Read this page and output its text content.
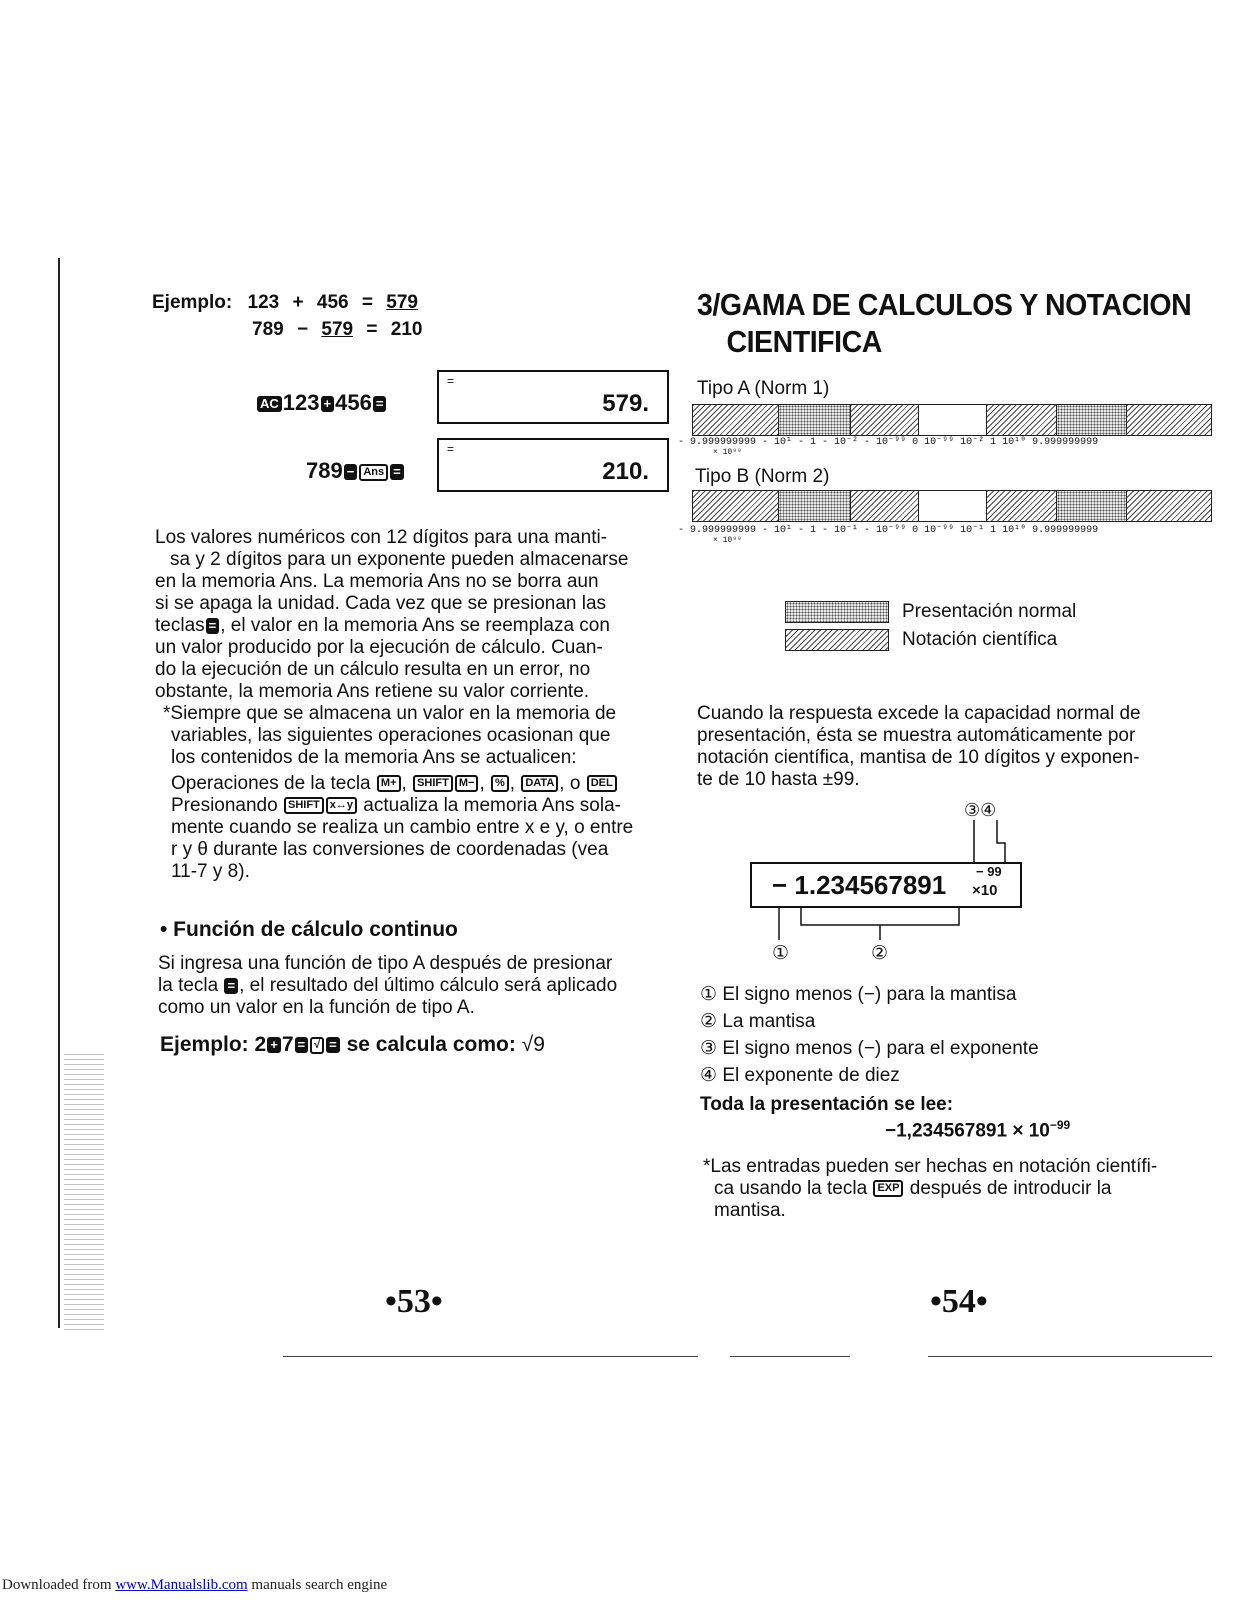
Ejemplo: 123 + 456 = 579
789 − 579 = 210
AC 123 + 456 =
=
579.
789 − Ans =
=
210.
Los valores numéricos con 12 dígitos para una manti-
sa y 2 dígitos para un exponente pueden almacenarse
en la memoria Ans. La memoria Ans no se borra aun
si se apaga la unidad. Cada vez que se presionan las
teclas = , el valor en la memoria Ans se reemplaza con
un valor producido por la ejecución de cálculo. Cuan-
do la ejecución de un cálculo resulta en un error, no
obstante, la memoria Ans retiene su valor corriente.
*Siempre que se almacena un valor en la memoria de
variables, las siguientes operaciones ocasionan que
los contenidos de la memoria Ans se actualicen:
Operaciones de la tecla M+ , SHIFT M− , % , DATA , o DEL
Presionando SHIFT x↔y actualiza la memoria Ans sola-
mente cuando se realiza un cambio entre x e y, o entre
r y θ durante las conversiones de coordenadas (vea
11-7 y 8).
• Función de cálculo continuo
Si ingresa una función de tipo A después de presionar
la tecla = , el resultado del último cálculo será aplicado
como un valor en la función de tipo A.
Ejemplo: 2 + 7 = √ = se calcula como: √9
•53•
3/GAMA DE CALCULOS Y NOTACION
CIENTIFICA
Tipo A (Norm 1)
- 9.999999999 - 10¹ - 1 - 10⁻² - 10⁻⁹⁹ 0 10⁻⁹⁹ 10⁻² 1 10¹⁰ 9.999999999
× 10⁹⁹
Tipo B (Norm 2)
- 9.999999999 - 10¹ - 1 - 10⁻¹ - 10⁻⁹⁹ 0 10⁻⁹⁹ 10⁻¹ 1 10¹⁰ 9.999999999
× 10⁹⁹
Presentación normal
Notación científica
Cuando la respuesta excede la capacidad normal de
presentación, ésta se muestra automáticamente por
notación científica, mantisa de 10 dígitos y exponen-
te de 10 hasta ±99.
③④
− 1.234567891 − 99
×10
①	②
① El signo menos (−) para la mantisa
② La mantisa
③ El signo menos (−) para el exponente
④ El exponente de diez
Toda la presentación se lee:
$-1,234567891 \times 10^{-99}$
*Las entradas pueden ser hechas en notación científi-
ca usando la tecla EXP después de introducir la
mantisa.
•54•
Downloaded from www.Manualslib.com manuals search engine
